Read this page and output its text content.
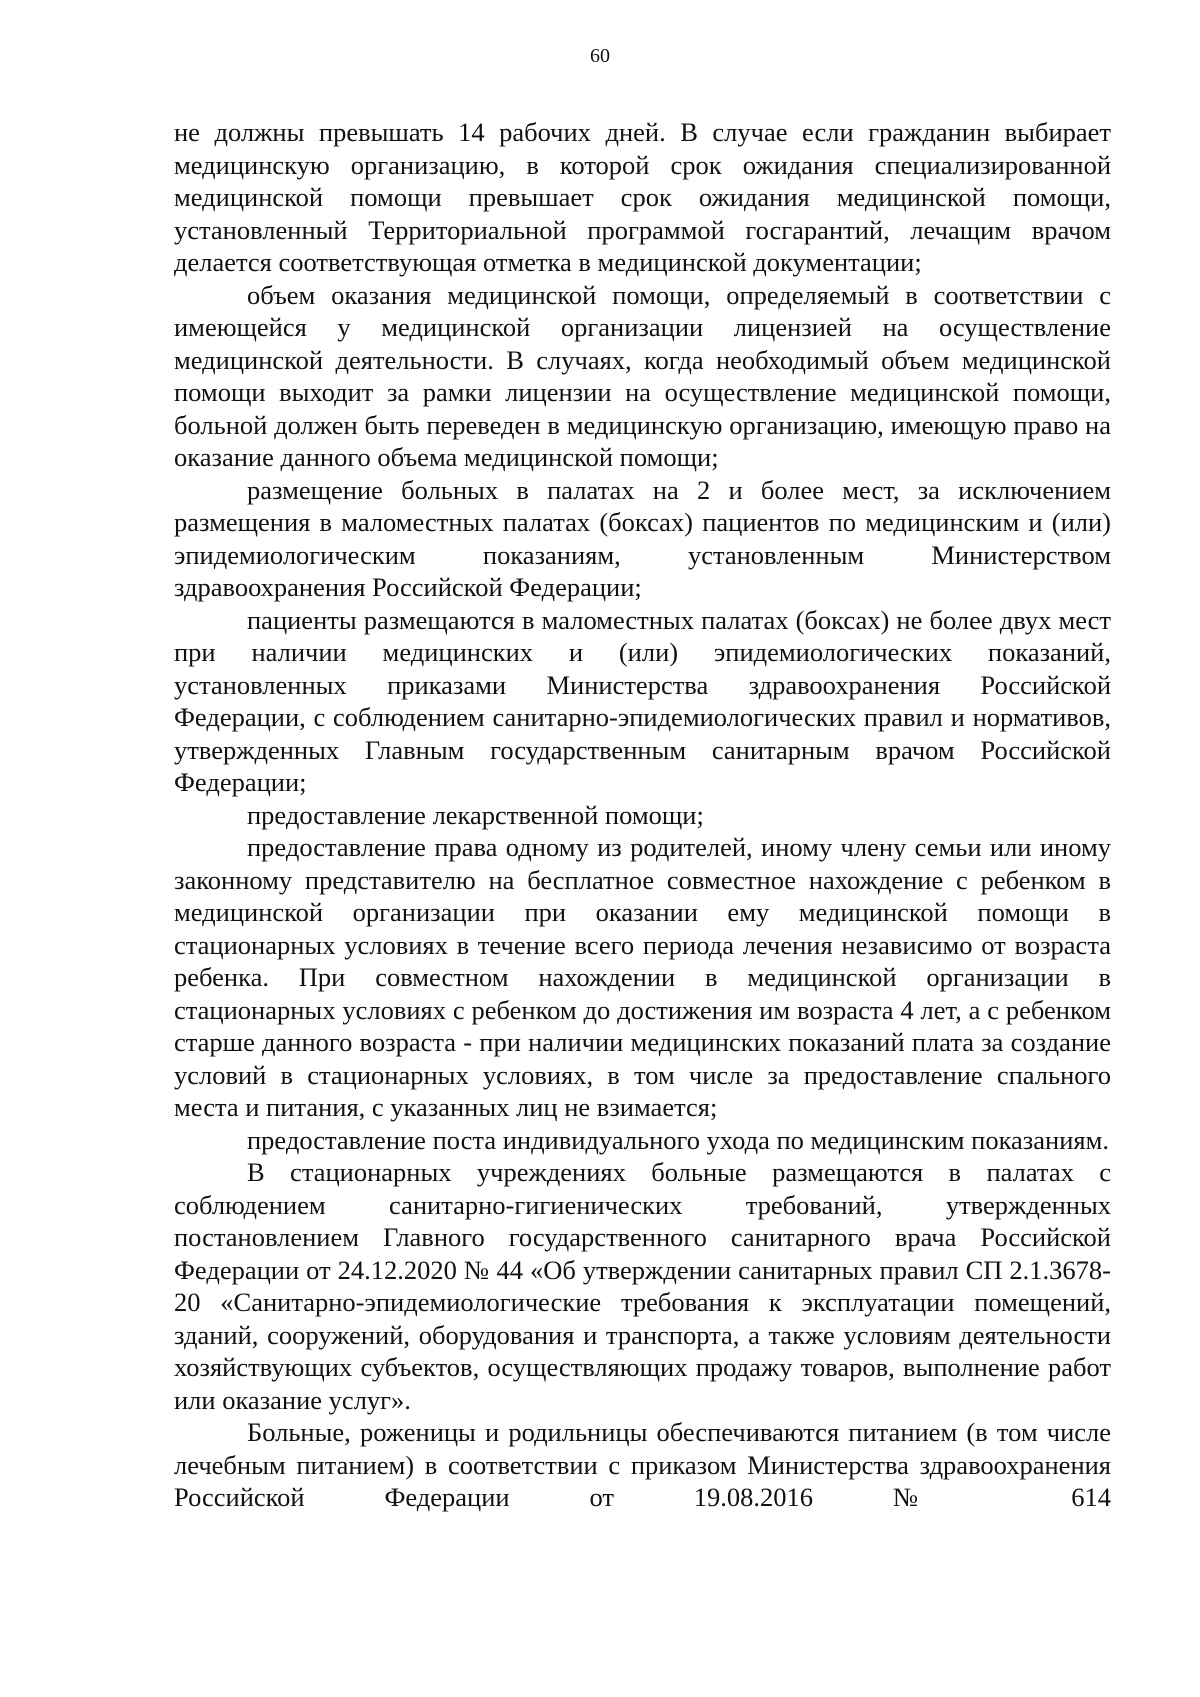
60

не должны превышать 14 рабочих дней. В случае если гражданин выбирает медицинскую организацию, в которой срок ожидания специализированной медицинской помощи превышает срок ожидания медицинской помощи, установленный Территориальной программой госгарантий, лечащим врачом делается соответствующая отметка в медицинской документации;

объем оказания медицинской помощи, определяемый в соответствии с имеющейся у медицинской организации лицензией на осуществление медицинской деятельности. В случаях, когда необходимый объем медицинской помощи выходит за рамки лицензии на осуществление медицинской помощи, больной должен быть переведен в медицинскую организацию, имеющую право на оказание данного объема медицинской помощи;

размещение больных в палатах на 2 и более мест, за исключением размещения в маломестных палатах (боксах) пациентов по медицинским и (или) эпидемиологическим показаниям, установленным Министерством здравоохранения Российской Федерации;

пациенты размещаются в маломестных палатах (боксах) не более двух мест при наличии медицинских и (или) эпидемиологических показаний, установленных приказами Министерства здравоохранения Российской Федерации, с соблюдением санитарно-эпидемиологических правил и нормативов, утвержденных Главным государственным санитарным врачом Российской Федерации;

предоставление лекарственной помощи;

предоставление права одному из родителей, иному члену семьи или иному законному представителю на бесплатное совместное нахождение с ребенком в медицинской организации при оказании ему медицинской помощи в стационарных условиях в течение всего периода лечения независимо от возраста ребенка. При совместном нахождении в медицинской организации в стационарных условиях с ребенком до достижения им возраста 4 лет, а с ребенком старше данного возраста - при наличии медицинских показаний плата за создание условий в стационарных условиях, в том числе за предоставление спального места и питания, с указанных лиц не взимается;

предоставление поста индивидуального ухода по медицинским показаниям.

В стационарных учреждениях больные размещаются в палатах с соблюдением санитарно-гигиенических требований, утвержденных постановлением Главного государственного санитарного врача Российской Федерации от 24.12.2020 № 44 «Об утверждении санитарных правил СП 2.1.3678-20 «Санитарно-эпидемиологические требования к эксплуатации помещений, зданий, сооружений, оборудования и транспорта, а также условиям деятельности хозяйствующих субъектов, осуществляющих продажу товаров, выполнение работ или оказание услуг».

Больные, роженицы и родильницы обеспечиваются питанием (в том числе лечебным питанием) в соответствии с приказом Министерства здравоохранения Российской Федерации от 19.08.2016 № 614
